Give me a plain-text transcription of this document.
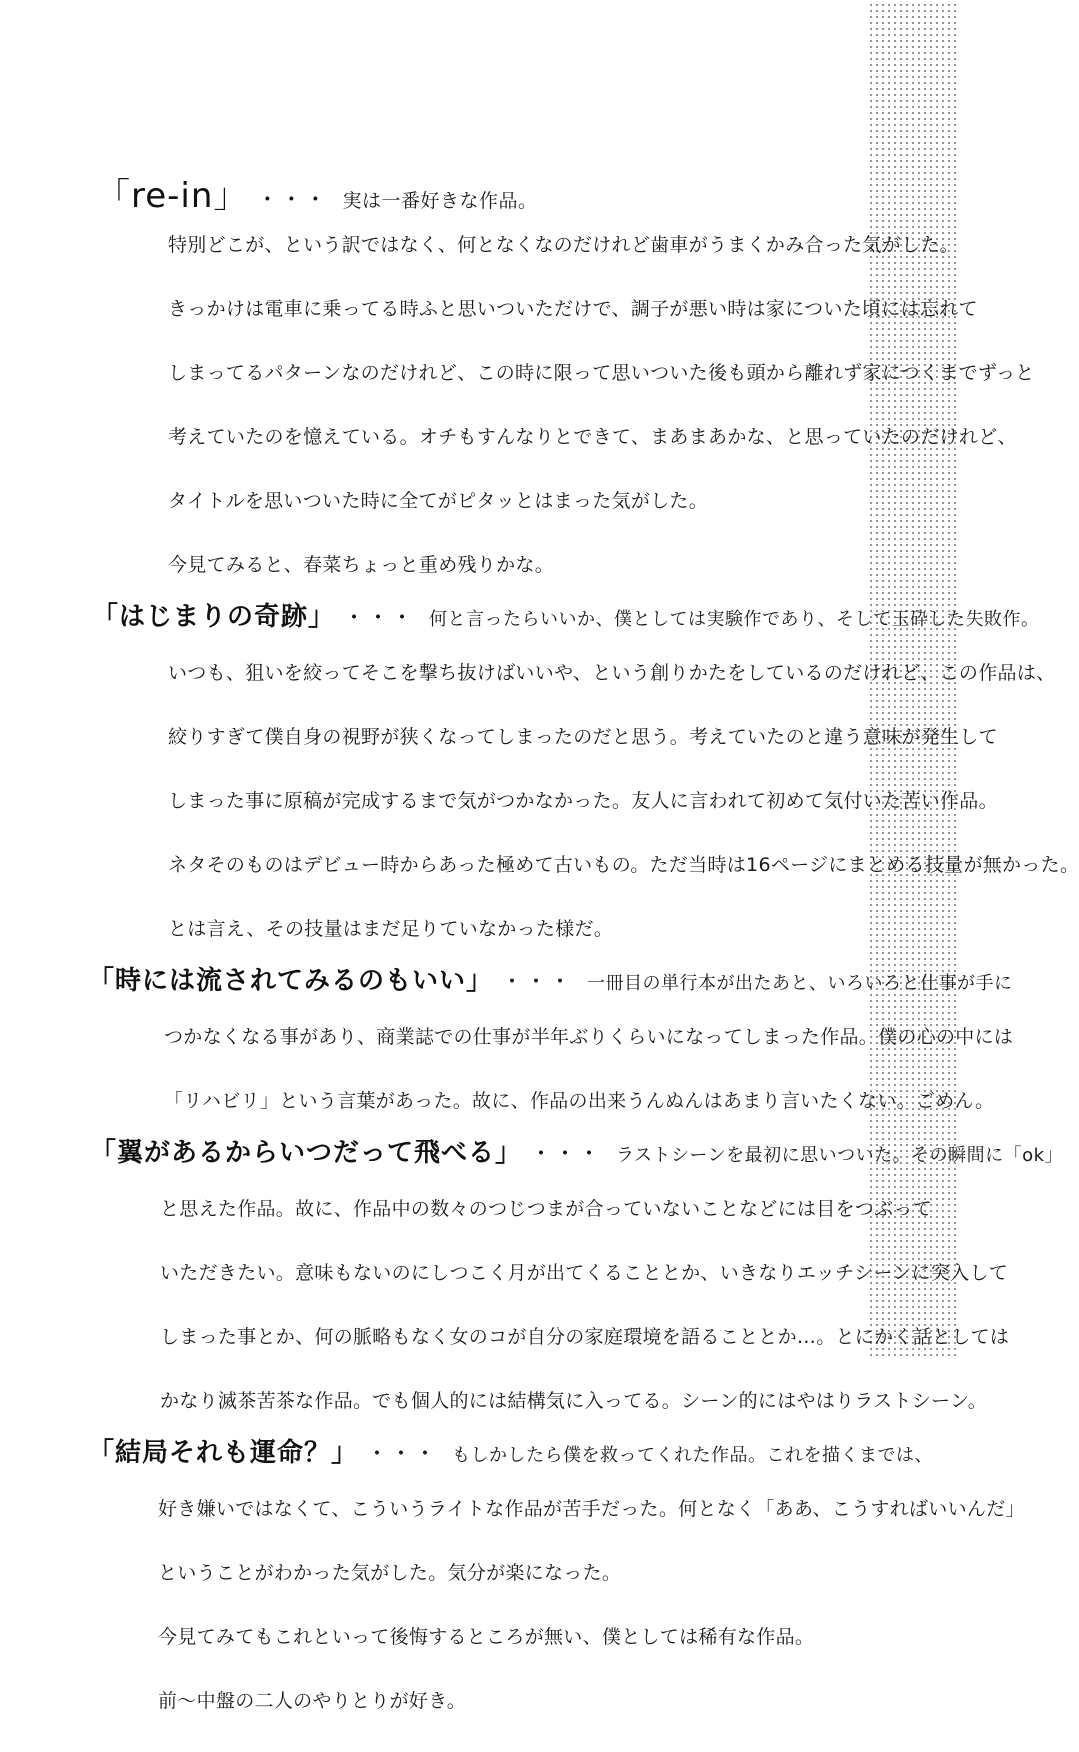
「re-in」 ・・・ 実は一番好きな作品。
特別どこが、という訳ではなく、何となくなのだけれど歯車がうまくかみ合った気がした。
きっかけは電車に乗ってる時ふと思いついただけで、調子が悪い時は家についた頃には忘れて
しまってるパターンなのだけれど、この時に限って思いついた後も頭から離れず家につくまでずっと
考えていたのを憶えている。オチもすんなりとできて、まあまあかな、と思っていたのだけれど、
タイトルを思いついた時に全てがピタッとはまった気がした。
今見てみると、春菜ちょっと重め残りかな。
「はじまりの奇跡」 ・・・ 何と言ったらいいか、僕としては実験作であり、そして玉砕した失敗作。
いつも、狙いを絞ってそこを撃ち抜けばいいや、という創りかたをしているのだけれど、この作品は、
絞りすぎて僕自身の視野が狭くなってしまったのだと思う。考えていたのと違う意味が発生して
しまった事に原稿が完成するまで気がつかなかった。友人に言われて初めて気付いた苦い作品。
ネタそのものはデビュー時からあった極めて古いもの。ただ当時は16ページにまとめる技量が無かった。
とは言え、その技量はまだ足りていなかった様だ。
「時には流されてみるのもいい」 ・・・ 一冊目の単行本が出たあと、いろいろと仕事が手に
つかなくなる事があり、商業誌での仕事が半年ぶりくらいになってしまった作品。僕の心の中には
「リハビリ」という言葉があった。故に、作品の出来うんぬんはあまり言いたくない。ごめん。
「翼があるからいつだって飛べる」 ・・・ ラストシーンを最初に思いついた。その瞬間に「ok」
と思えた作品。故に、作品中の数々のつじつまが合っていないことなどには目をつぶって
いただきたい。意味もないのにしつこく月が出てくることとか、いきなりエッチシーンに突入して
しまった事とか、何の脈略もなく女のコが自分の家庭環境を語ることとか…。とにかく話としては
かなり滅茶苦茶な作品。でも個人的には結構気に入ってる。シーン的にはやはりラストシーン。
「結局それも運命？」 ・・・ もしかしたら僕を救ってくれた作品。これを描くまでは、
好き嫌いではなくて、こういうライトな作品が苦手だった。何となく「ああ、こうすればいいんだ」
ということがわかった気がした。気分が楽になった。
今見てみてもこれといって後悔するところが無い、僕としては稀有な作品。
前〜中盤の二人のやりとりが好き。
